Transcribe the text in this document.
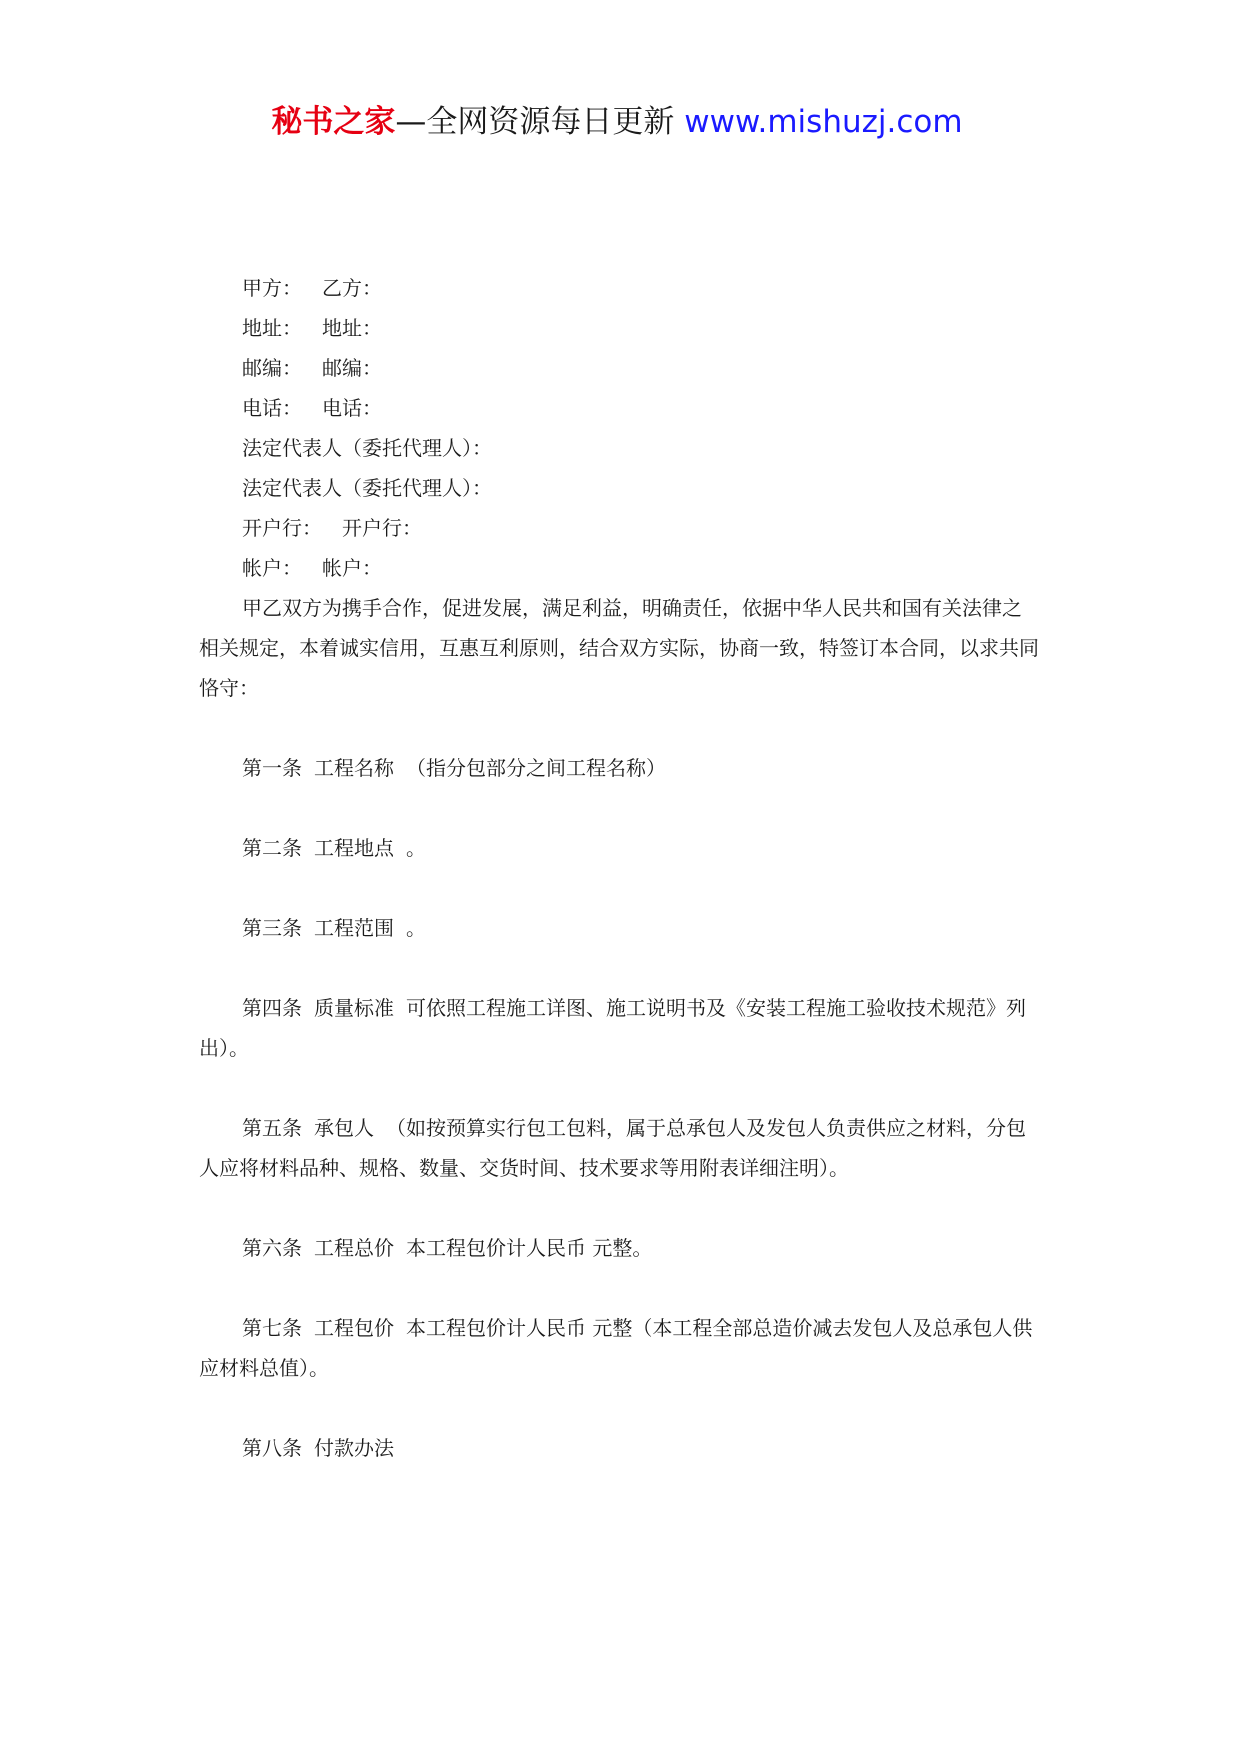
秘书之家—全网资源每日更新 www.mishuzj.com

甲方： 乙方：

地址： 地址：

邮编： 邮编：

电话： 电话：

法定代表人（委托代理人）：

法定代表人（委托代理人）：

开户行： 开户行：

帐户： 帐户：

甲乙双方为携手合作，促进发展，满足利益，明确责任，依据中华人民共和国有关法律之相关规定，本着诚实信用，互惠互利原则，结合双方实际，协商一致，特签订本合同，以求共同恪守：

第一条 工程名称 （指分包部分之间工程名称）

第二条 工程地点 。

第三条 工程范围 。

第四条 质量标准 可依照工程施工详图、施工说明书及《安装工程施工验收技术规范》列出）。

第五条 承包人 （如按预算实行包工包料，属于总承包人及发包人负责供应之材料，分包人应将材料品种、规格、数量、交货时间、技术要求等用附表详细注明）。

第六条 工程总价 本工程包价计人民币 元整。

第七条 工程包价 本工程包价计人民币 元整（本工程全部总造价减去发包人及总承包人供应材料总值）。

第八条 付款办法
